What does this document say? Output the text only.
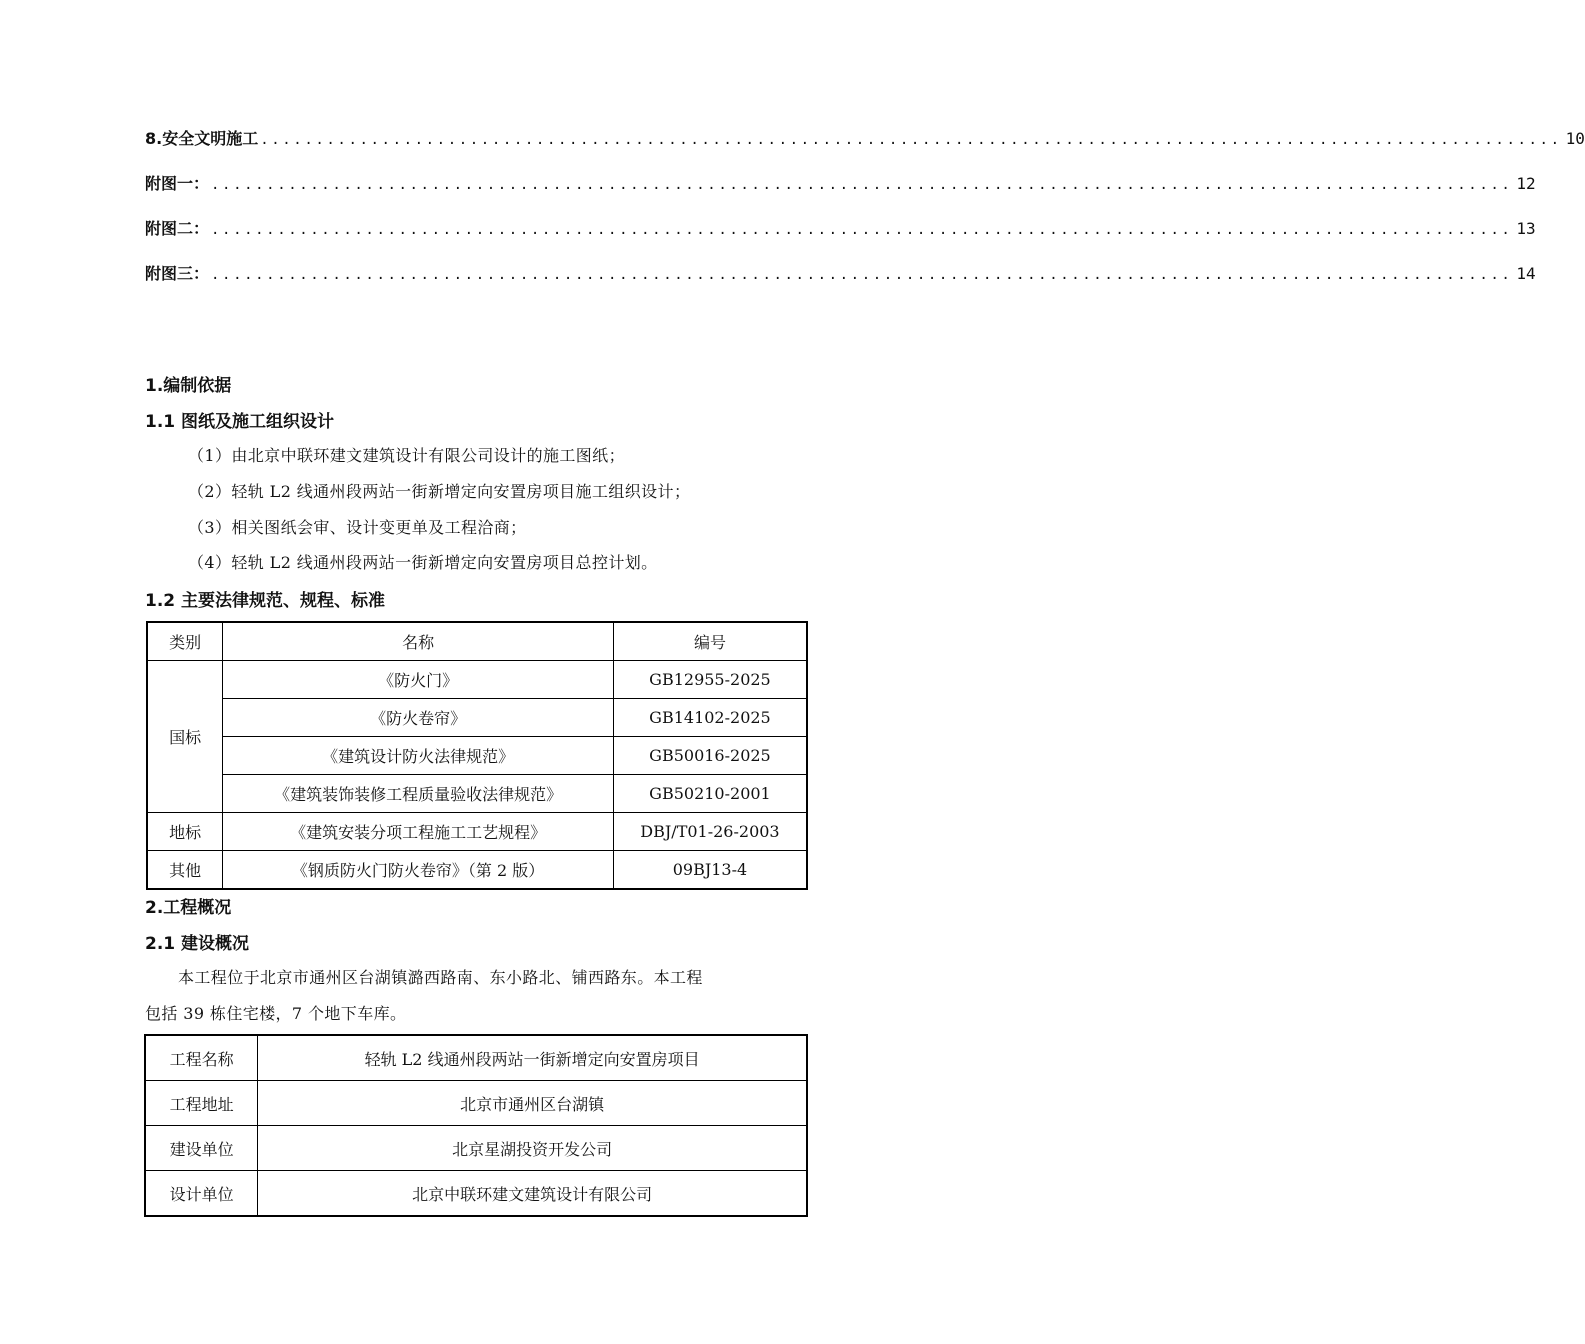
8.安全文明施工 ...................................................................................................................... 10
附图一： ...................................................................................................................... 12
附图二： ...................................................................................................................... 13
附图三： ...................................................................................................................... 14
1.编制依据
1.1 图纸及施工组织设计
（1）由北京中联环建文建筑设计有限公司设计的施工图纸；
（2）轻轨 L2 线通州段两站一街新增定向安置房项目施工组织设计；
（3）相关图纸会审、设计变更单及工程洽商；
（4）轻轨 L2 线通州段两站一街新增定向安置房项目总控计划。
1.2 主要法律规范、规程、标准
类别	名称	编号
国标	《防火门》	GB12955-2025
	《防火卷帘》	GB14102-2025
	《建筑设计防火法律规范》	GB50016-2025
	《建筑装饰装修工程质量验收法律规范》	GB50210-2001
地标	《建筑安装分项工程施工工艺规程》	DBJ/T01-26-2003
其他	《钢质防火门防火卷帘》（第 2 版）	09BJ13-4
2.工程概况
2.1 建设概况
本工程位于北京市通州区台湖镇潞西路南、东小路北、铺西路东。本工程
包括 39 栋住宅楼，7 个地下车库。
工程名称	轻轨 L2 线通州段两站一街新增定向安置房项目
工程地址	北京市通州区台湖镇
建设单位	北京星湖投资开发公司
设计单位	北京中联环建文建筑设计有限公司
